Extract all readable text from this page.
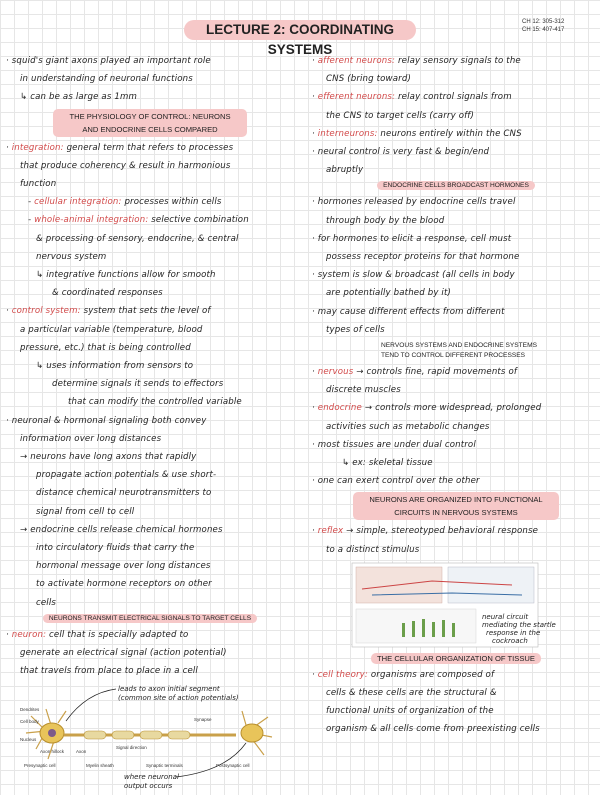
LECTURE 2: COORDINATING SYSTEMS
CH 12: 305-312
CH 15: 407-417
· squid's giant axons played an important role
in understanding of neuronal functions
↳ can be as large as 1mm
THE PHYSIOLOGY OF CONTROL: NEURONS
AND ENDOCRINE CELLS COMPARED
· integration: general term that refers to processes
that produce coherency & result in harmonious
function
- cellular integration: processes within cells
- whole-animal integration: selective combination
& processing of sensory, endocrine, & central
nervous system
↳ integrative functions allow for smooth
& coordinated responses
· control system: system that sets the level of
a particular variable (temperature, blood
pressure, etc.) that is being controlled
↳ uses information from sensors to
determine signals it sends to effectors
that can modify the controlled variable
· neuronal & hormonal signaling both convey
information over long distances
→ neurons have long axons that rapidly
propagate action potentials & use short-
distance chemical neurotransmitters to
signal from cell to cell
→ endocrine cells release chemical hormones
into circulatory fluids that carry the
hormonal message over long distances
to activate hormone receptors on other
cells
NEURONS TRANSMIT ELECTRICAL SIGNALS TO TARGET CELLS
· neuron: cell that is specially adapted to
generate an electrical signal (action potential)
that travels from place to place in a cell
Dendrites
Cell body
Nucleus
Axon hillock	Axon
Signal direction
Synapse
Presynaptic cell	Myelin sheath	Synaptic terminals	Postsynaptic cell
leads to axon initial segment
(common site of action potentials)
where neuronal
output occurs
· afferent neurons: relay sensory signals to the
CNS (bring toward)
· efferent neurons: relay control signals from
the CNS to target cells (carry off)
· interneurons: neurons entirely within the CNS
· neural control is very fast & begin/end
abruptly
ENDOCRINE CELLS BROADCAST HORMONES
· hormones released by endocrine cells travel
through body by the blood
· for hormones to elicit a response, cell must
possess receptor proteins for that hormone
· system is slow & broadcast (all cells in body
are potentially bathed by it)
· may cause different effects from different
types of cells
NERVOUS SYSTEMS AND ENDOCRINE SYSTEMS
TEND TO CONTROL DIFFERENT PROCESSES
· nervous → controls fine, rapid movements of
discrete muscles
· endocrine → controls more widespread, prolonged
activities such as metabolic changes
· most tissues are under dual control
↳ ex: skeletal tissue
· one can exert control over the other
NEURONS ARE ORGANIZED INTO FUNCTIONAL
CIRCUITS IN NERVOUS SYSTEMS
· reflex → simple, stereotyped behavioral response
to a distinct stimulus
neural circuit
mediating the startle
response in the
cockroach
THE CELLULAR ORGANIZATION OF TISSUE
· cell theory: organisms are composed of
cells & these cells are the structural &
functional units of organization of the
organism & all cells come from preexisting cells
